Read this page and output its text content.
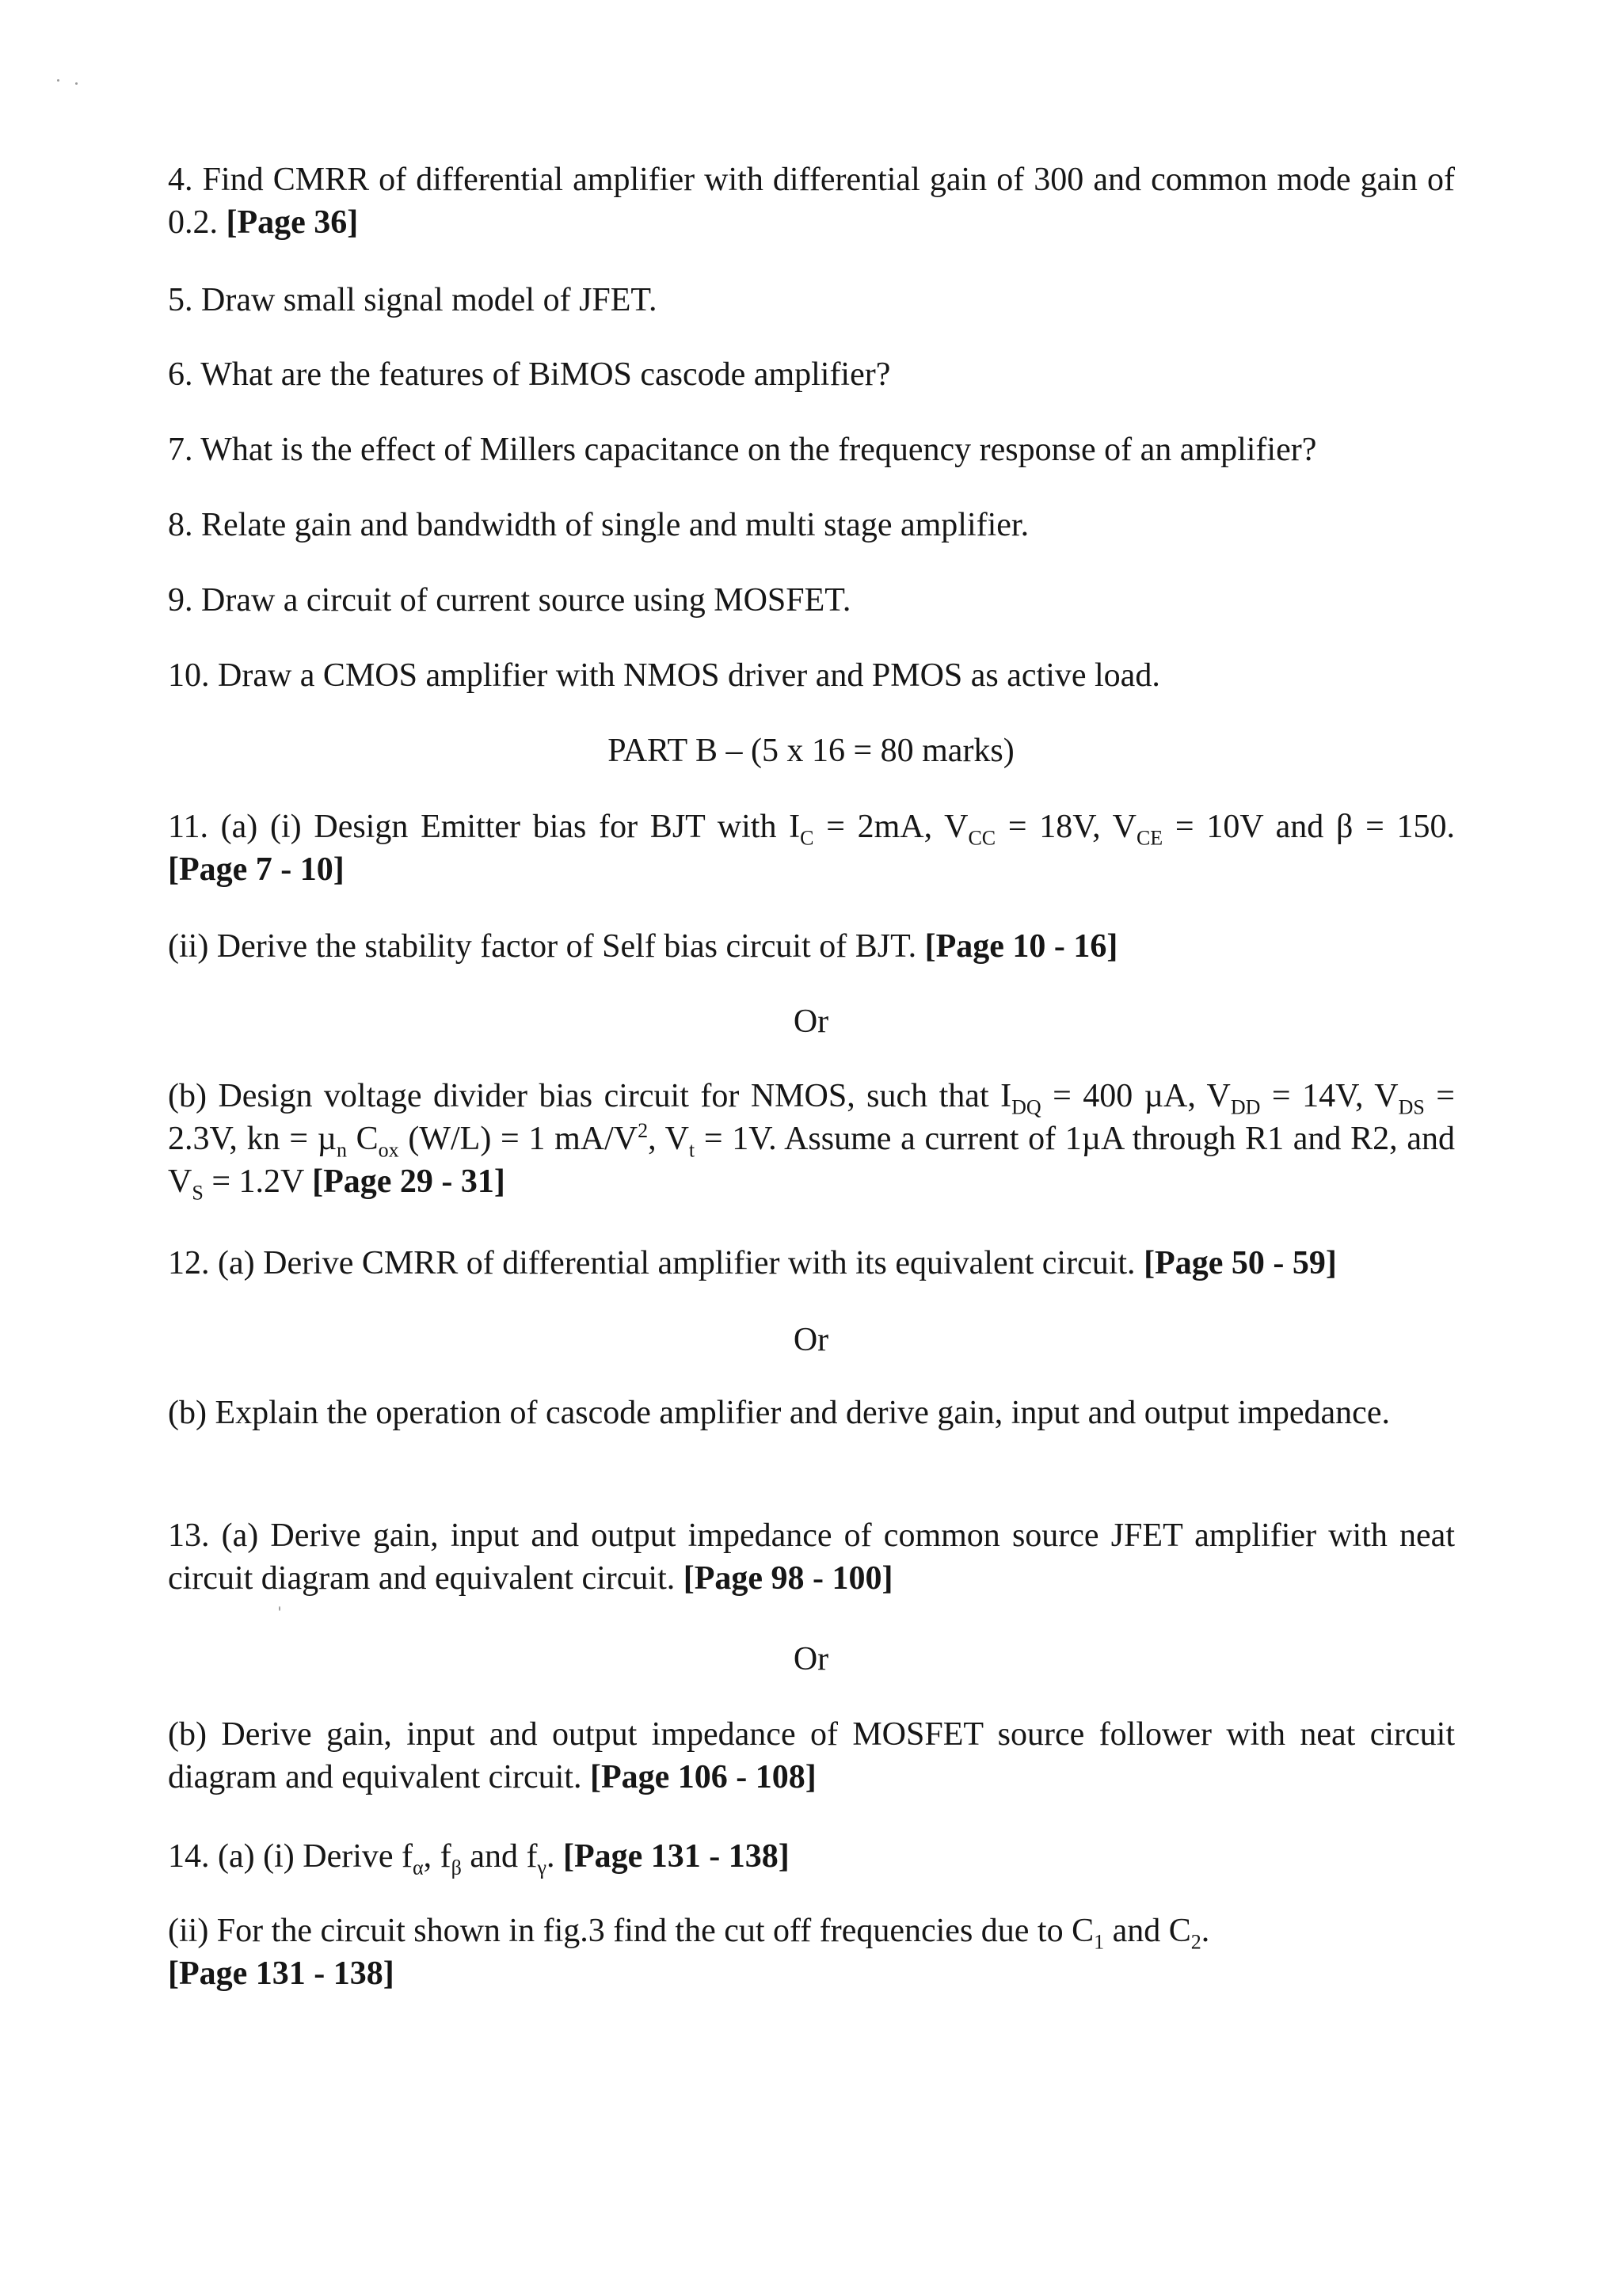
4. Find CMRR of differential amplifier with differential gain of 300 and common mode gain of 0.2. [Page 36]
5. Draw small signal model of JFET.
6. What are the features of BiMOS cascode amplifier?
7. What is the effect of Millers capacitance on the frequency response of an amplifier?
8. Relate gain and bandwidth of single and multi stage amplifier.
9. Draw a circuit of current source using MOSFET.
10. Draw a CMOS amplifier with NMOS driver and PMOS as active load.
PART B – (5 x 16 = 80 marks)
11. (a) (i) Design Emitter bias for BJT with $I_C = 2mA$, $V_{CC} = 18V$, $V_{CE} = 10V$ and β = 150. [Page 7 - 10]
(ii) Derive the stability factor of Self bias circuit of BJT. [Page 10 - 16]
Or
(b) Design voltage divider bias circuit for NMOS, such that $I_{DQ} = 400$ µA, $V_{DD} = 14V$, $V_{DS} = 2.3V$, kn = µ$_n$ $C_{ox}$ (W/L) = 1 $mA/V^2$, $V_t = 1V$. Assume a current of 1µA through R1 and R2, and $V_S = 1.2V$ [Page 29 - 31]
12. (a) Derive CMRR of differential amplifier with its equivalent circuit. [Page 50 - 59]
Or
(b) Explain the operation of cascode amplifier and derive gain, input and output impedance.
13. (a) Derive gain, input and output impedance of common source JFET amplifier with neat circuit diagram and equivalent circuit. [Page 98 - 100]
Or
(b) Derive gain, input and output impedance of MOSFET source follower with neat circuit diagram and equivalent circuit. [Page 106 - 108]
14. (a) (i) Derive $f_\alpha$, $f_\beta$ and $f_\gamma$. [Page 131 - 138]
(ii) For the circuit shown in fig.3 find the cut off frequencies due to $C_1$ and $C_2$.
[Page 131 - 138]
